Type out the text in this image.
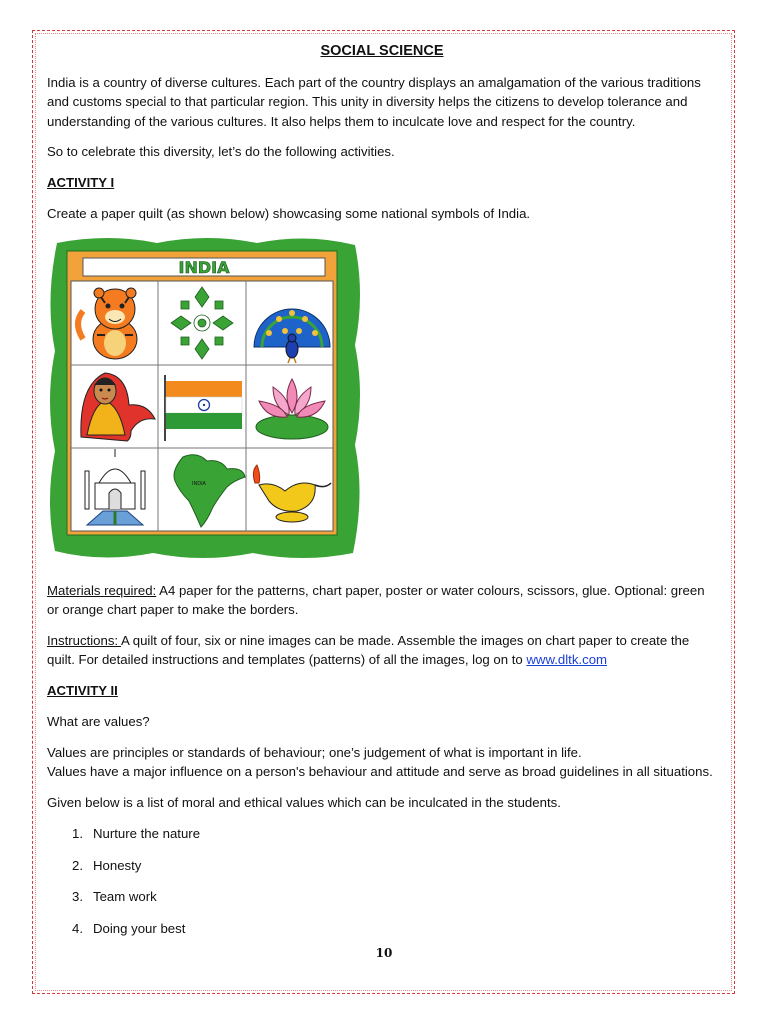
SOCIAL SCIENCE

India is a country of diverse cultures. Each part of the country displays an amalgamation of the various traditions and customs special to that particular region. This unity in diversity helps the citizens to develop tolerance and understanding of the various cultures. It also helps them to inculcate love and respect for the country.

So to celebrate this diversity, let’s do the following activities.

ACTIVITY I

Create a paper quilt (as shown below) showcasing some national symbols of India.

INDIA
INDIA

Materials required: A4 paper for the patterns, chart paper, poster or water colours, scissors, glue. Optional: green or orange chart paper to make the borders.

Instructions: A quilt of four, six or nine images can be made. Assemble the images on chart paper to create the quilt. For detailed instructions and templates (patterns) of all the images, log on to www.dltk.com

ACTIVITY II

What are values?

Values are principles or standards of behaviour; one’s judgement of what is important in life.

Values have a major influence on a person's behaviour and attitude and serve as broad guidelines in all situations.

Given below is a list of moral and ethical values which can be inculcated in the students.

1. Nurture the nature
2. Honesty
3. Team work
4. Doing your best
10
